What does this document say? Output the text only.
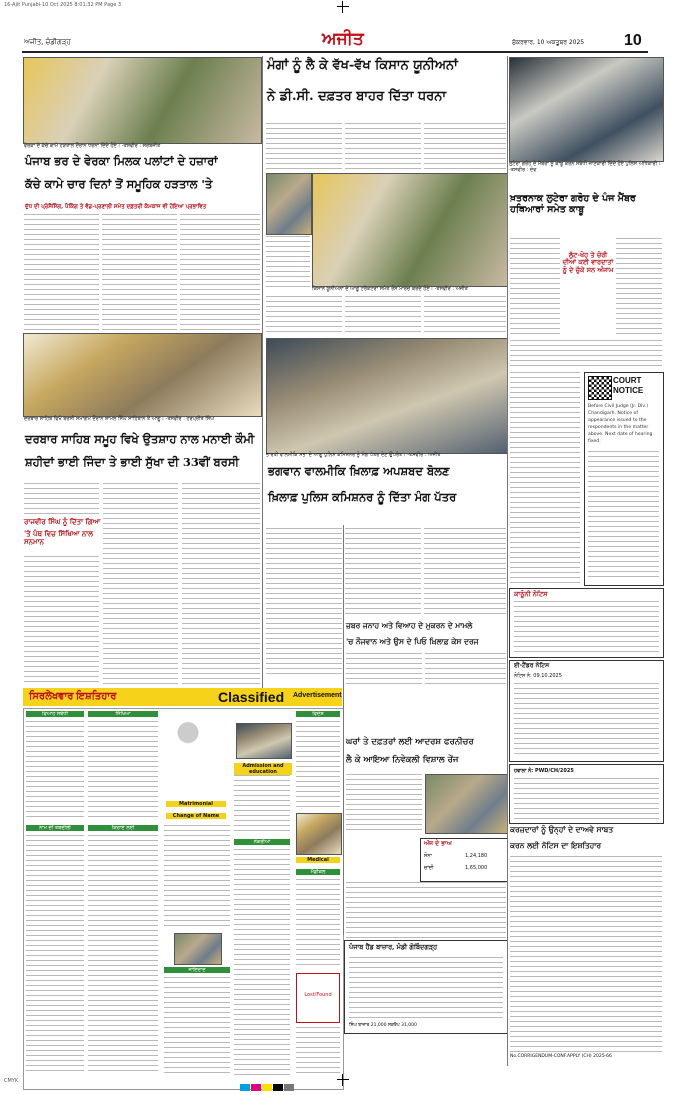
16-Ajit Punjabi-10 Oct 2025 8:01:32 PM Page 3
ਅਜੀਤ, ਚੰਡੀਗੜ੍ਹ	ਅਜੀਤ	ਸ਼ੁੱਕਰਵਾਰ, 10 ਅਕਤੂਬਰ 2025 10
ਵੇਰਕਾ ਦੇ ਕੱਚੇ ਕਾਮੇ ਹੜਤਾਲ ਦੌਰਾਨ ਧਰਨਾ ਦਿੰਦੇ ਹੋਏ। -ਤਸਵੀਰ : ਸਰਬਜੀਤ
ਪੰਜਾਬ ਭਰ ਦੇ ਵੇਰਕਾ ਮਿਲਕ ਪਲਾਂਟਾਂ ਦੇ ਹਜ਼ਾਰਾਂ
ਕੱਚੇ ਕਾਮੇ ਚਾਰ ਦਿਨਾਂ ਤੋਂ ਸਮੂਹਿਕ ਹੜਤਾਲ 'ਤੇ
ਦੁੱਧ ਦੀ ਪ੍ਰੋਸੈਸਿੰਗ, ਪੈਕਿੰਗ ਤੇ ਵੰਡ-ਪ੍ਰਣਾਲੀ ਸਮੇਤ ਦਫ਼ਤਰੀ ਕੰਮਕਾਜ ਵੀ ਹੋਇਆ ਪ੍ਰਭਾਵਿਤ
ਦਰਬਾਰ ਸਾਹਿਬ ਵਿਖੇ ਬਰਸੀ ਸਮਾਗਮ ਦੌਰਾਨ ਸ਼ਾਮਲ ਸਿੰਘ ਸਾਹਿਬਾਨ ਤੇ ਆਗੂ। -ਤਸਵੀਰ : ਹਰਪ੍ਰੀਤ ਸਿੰਘ
ਦਰਬਾਰ ਸਾਹਿਬ ਸਮੂਹ ਵਿਖੇ ਉਤਸ਼ਾਹ ਨਾਲ ਮਨਾਈ ਕੌਮੀ
ਸ਼ਹੀਦਾਂ ਭਾਈ ਜਿੰਦਾ ਤੇ ਭਾਈ ਸੁੱਖਾ ਦੀ 33ਵੀਂ ਬਰਸੀ
ਰਾਜਵੀਰ ਸਿੰਘ ਨੂੰ ਦਿੱਤਾ ਗਿਆ
'ਤੇ ਪੰਥ ਵਿਚ ਸਿੱਖਿਆ ਨਾਲ ਸਨਮਾਨ
ਮੰਗਾਂ ਨੂੰ ਲੈ ਕੇ ਵੱਖ-ਵੱਖ ਕਿਸਾਨ ਯੂਨੀਅਨਾਂ
ਨੇ ਡੀ.ਸੀ. ਦਫ਼ਤਰ ਬਾਹਰ ਦਿੱਤਾ ਧਰਨਾ
ਕਿਸਾਨ ਯੂਨੀਅਨਾਂ ਦੇ ਆਗੂ ਟਰੈਕਟਰਾਂ ਸਮੇਤ ਰੋਸ ਮਾਰਚ ਕਰਦੇ ਹੋਏ। -ਤਸਵੀਰ : ਅਜੀਤ
ਲੁਟੇਰਾ ਗਰੋਹ ਦੇ ਮੈਂਬਰਾਂ ਨੂੰ ਕਾਬੂ ਕਰਨ ਸਬੰਧੀ ਜਾਣਕਾਰੀ ਦਿੰਦੇ ਹੋਏ ਪੁਲਿਸ ਅਧਿਕਾਰੀ। -ਤਸਵੀਰ : ਦੇਵ
ਖ਼ਤਰਨਾਕ ਲੁਟੇਰਾ ਗਰੋਹ ਦੇ ਪੰਜ ਮੈਂਬਰ ਹਥਿਆਰਾਂ ਸਮੇਤ ਕਾਬੂ
ਲੁੱਟ-ਖੋਹ ਤੇ ਚੋਰੀ ਦੀਆਂ ਕਈ ਵਾਰਦਾਤਾਂ ਨੂੰ ਦੇ ਚੁੱਕੇ ਸਨ ਅੰਜਾਮ
ਭਾਰਤੀ ਵਾਲਮੀਕਿ ਸਭਾ ਦੇ ਆਗੂ ਪੁਲਿਸ ਕਮਿਸ਼ਨਰ ਨੂੰ ਮੰਗ ਪੱਤਰ ਦੇਣ ਉਪਰੰਤ। -ਤਸਵੀਰ : ਅਜੀਤ
COURT
NOTICE
Before Civil Judge (Jr. Div.) Chandigarh. Notice of appearance issued to the respondents in the matter above. Next date of hearing fixed.
ਭਗਵਾਨ ਵਾਲਮੀਕਿ ਖ਼ਿਲਾਫ਼ ਅਪਸ਼ਬਦ ਬੋਲਣ
ਖ਼ਿਲਾਫ਼ ਪੁਲਿਸ ਕਮਿਸ਼ਨਰ ਨੂੰ ਦਿੱਤਾ ਮੰਗ ਪੱਤਰ
ਜ਼ਬਰ ਜਨਾਹ ਅਤੇ ਵਿਆਹ ਦੇ ਮੁਕਰਨ ਦੇ ਮਾਮਲੇ
'ਚ ਨੌਜਵਾਨ ਅਤੇ ਉਸ ਦੇ ਪਿਓ ਖ਼ਿਲਾਫ਼ ਕੇਸ ਦਰਜ
ਕਾਨੂੰਨੀ ਨੋਟਿਸ
ਈ-ਟੈਂਡਰ ਨੋਟਿਸ
ਨੋਟਿਸ ਨੰ: 09.10.2025
ਹਵਾਲਾ ਨੰ: PWD/CH/2025
ਸਿਰਲੇਖਵਾਰ ਇਸ਼ਤਿਹਾਰ	Classified Advertisement
ਵਿਆਹ ਸਬੰਧੀ
ਨਾਮ ਦੀ ਤਬਦੀਲੀ
ਸਿੱਖਿਆ
ਕਿਰਾਏ ਲਈ
Matrimonial
Change of Name
ਜਾਇਦਾਦ
Admission and education
ਨੌਕਰੀਆਂ
ਵਿਦੇਸ਼
Medical
ਮੈਡੀਕਲ
Lost/Found
ਘਰਾਂ ਤੇ ਦਫ਼ਤਰਾਂ ਲਈ ਆਦਰਸ਼ ਫਰਨੀਚਰ
ਲੈ ਕੇ ਆਇਆ ਨਿਵੇਕਲੀ ਵਿਸ਼ਾਲ ਰੇਂਜ
ਅੱਜ ਦੇ ਭਾਅ
ਸੋਨਾ	1,24,180
ਚਾਂਦੀ	1,65,000
ਪੰਜਾਬ ਹੈਂਡ ਬਾਜ਼ਾਰ, ਮੰਡੀ ਗੋਬਿੰਦਗੜ੍ਹ
ਸਿੰਘ ਬਾਜ਼ਾਰ 21,000 ਸਕਰੈਪ 31,000
ਕਰਜ਼ਦਾਰਾਂ ਨੂੰ ਉਨ੍ਹਾਂ ਦੇ ਦਾਅਵੇ ਸਾਬਤ
ਕਰਨ ਲਈ ਨੋਟਿਸ ਦਾ ਇਸ਼ਤਿਹਾਰ
No.CORRIGENDUM-CONF.APPLY (CH) 2025-66
CMYK
